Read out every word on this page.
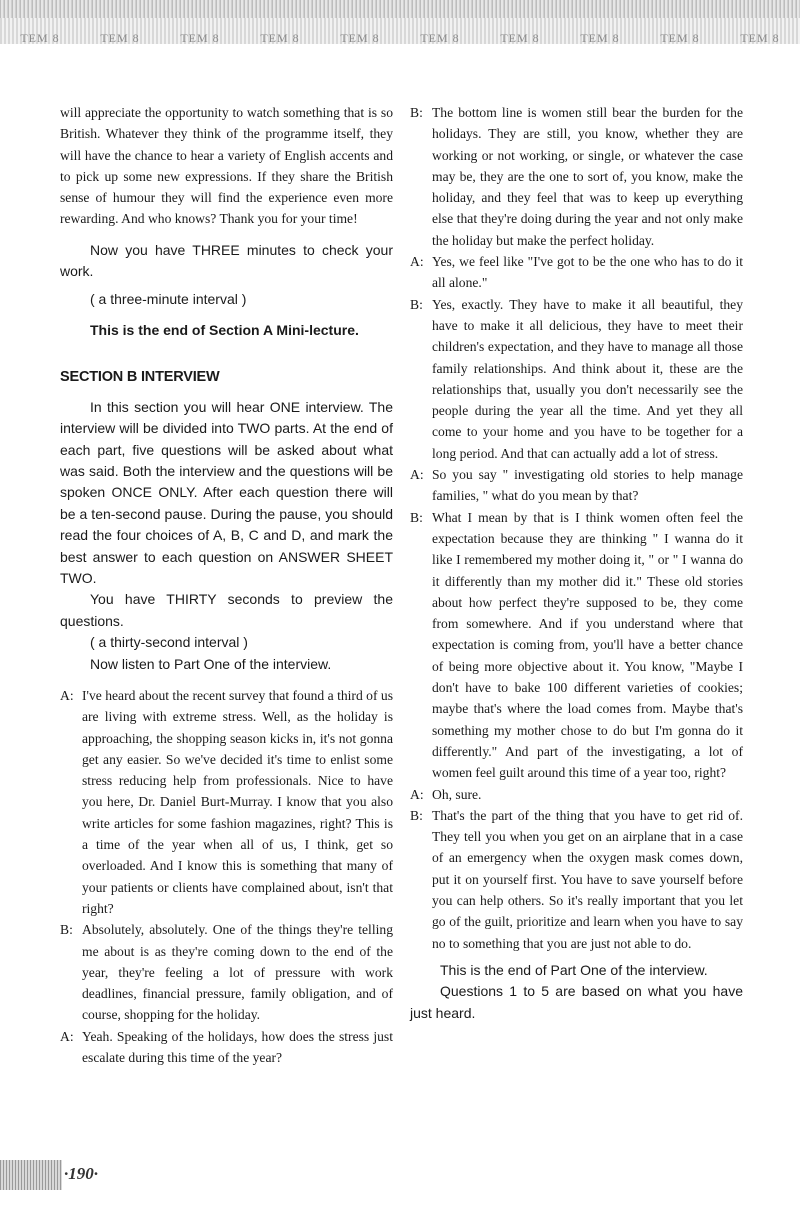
TEM 8	TEM 8	TEM 8	TEM 8	TEM 8	TEM 8	TEM 8	TEM 8	TEM 8	TEM 8

will appreciate the opportunity to watch something that is so British. Whatever they think of the programme itself, they will have the chance to hear a variety of English accents and to pick up some new expressions. If they share the British sense of humour they will find the experience even more rewarding. And who knows? Thank you for your time!

Now you have THREE minutes to check your work.

( a three-minute interval )

This is the end of Section A Mini-lecture.

SECTION B INTERVIEW

In this section you will hear ONE interview. The interview will be divided into TWO parts. At the end of each part, five questions will be asked about what was said. Both the interview and the questions will be spoken ONCE ONLY. After each question there will be a ten-second pause. During the pause, you should read the four choices of A, B, C and D, and mark the best answer to each question on ANSWER SHEET TWO.

You have THIRTY seconds to preview the questions.

( a thirty-second interval )

Now listen to Part One of the interview.

A: I've heard about the recent survey that found a third of us are living with extreme stress. Well, as the holiday is approaching, the shopping season kicks in, it's not gonna get any easier. So we've decided it's time to enlist some stress reducing help from professionals. Nice to have you here, Dr. Daniel Burt-Murray. I know that you also write articles for some fashion magazines, right? This is a time of the year when all of us, I think, get so overloaded. And I know this is something that many of your patients or clients have complained about, isn't that right?

B: Absolutely, absolutely. One of the things they're telling me about is as they're coming down to the end of the year, they're feeling a lot of pressure with work deadlines, financial pressure, family obligation, and of course, shopping for the holiday.

A: Yeah. Speaking of the holidays, how does the stress just escalate during this time of the year?

B: The bottom line is women still bear the burden for the holidays. They are still, you know, whether they are working or not working, or single, or whatever the case may be, they are the one to sort of, you know, make the holiday, and they feel that was to keep up everything else that they're doing during the year and not only make the holiday but make the perfect holiday.

A: Yes, we feel like "I've got to be the one who has to do it all alone."

B: Yes, exactly. They have to make it all beautiful, they have to make it all delicious, they have to meet their children's expectation, and they have to manage all those family relationships. And think about it, these are the relationships that, usually you don't necessarily see the people during the year all the time. And yet they all come to your home and you have to be together for a long period. And that can actually add a lot of stress.

A: So you say " investigating old stories to help manage families, " what do you mean by that?

B: What I mean by that is I think women often feel the expectation because they are thinking " I wanna do it like I remembered my mother doing it, " or " I wanna do it differently than my mother did it." These old stories about how perfect they're supposed to be, they come from somewhere. And if you understand where that expectation is coming from, you'll have a better chance of being more objective about it. You know, "Maybe I don't have to bake 100 different varieties of cookies; maybe that's where the load comes from. Maybe that's something my mother chose to do but I'm gonna do it differently." And part of the investigating, a lot of women feel guilt around this time of a year too, right?

A: Oh, sure.

B: That's the part of the thing that you have to get rid of. They tell you when you get on an airplane that in a case of an emergency when the oxygen mask comes down, put it on yourself first. You have to save yourself before you can help others. So it's really important that you let go of the guilt, prioritize and learn when you have to say no to something that you are just not able to do.

This is the end of Part One of the interview.

Questions 1 to 5 are based on what you have just heard.

·190·
